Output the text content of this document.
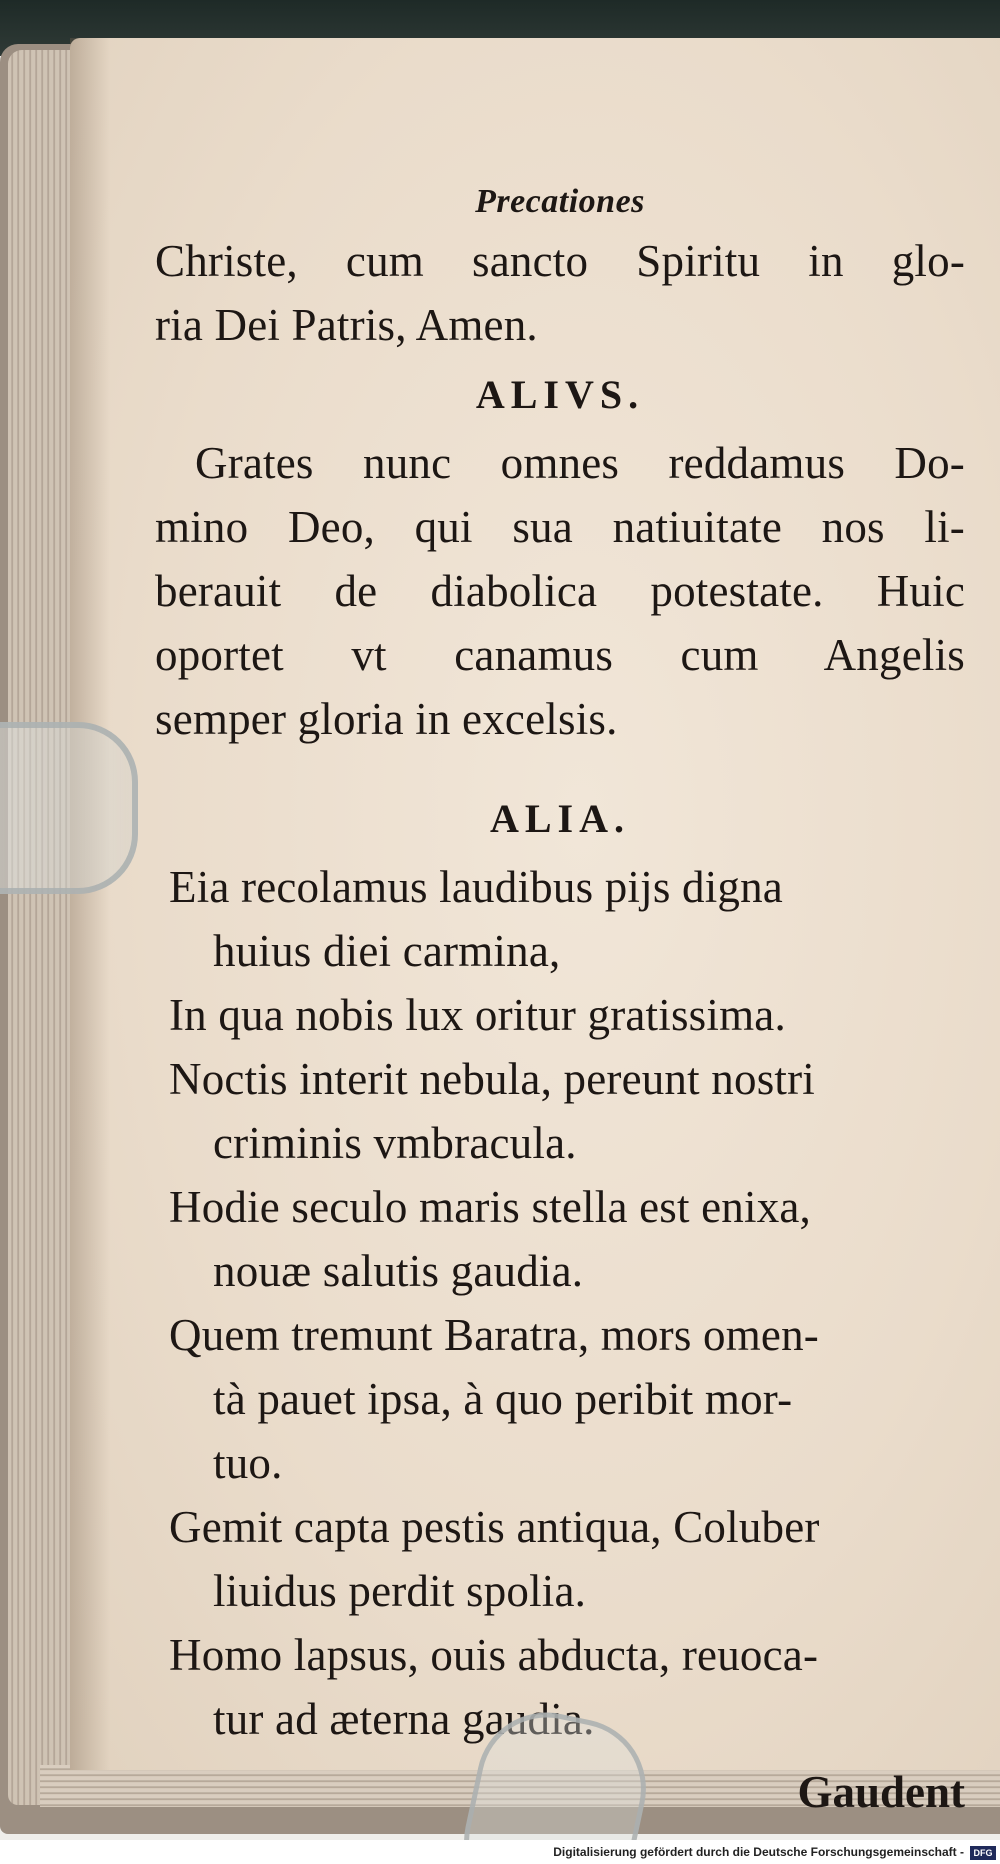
Precationes

Christe, cum sancto Spiritu in glo-

ria Dei Patris, Amen.

ALIVS.

Grates nunc omnes reddamus Do-

mino Deo, qui sua natiuitate nos li-

berauit de diabolica potestate. Huic

oportet vt canamus cum Angelis

semper gloria in excelsis.

ALIA.

Eia recolamus laudibus pijs digna

huius diei carmina,

In qua nobis lux oritur gratissima.

Noctis interit nebula, pereunt nostri

criminis vmbracula.

Hodie seculo maris stella est enixa,

nouæ salutis gaudia.

Quem tremunt Baratra, mors omen-

tà pauet ipsa, à quo peribit mor-

tuo.

Gemit capta pestis antiqua, Coluber

liuidus perdit spolia.

Homo lapsus, ouis abducta, reuoca-

tur ad æterna gaudia.

Gaudent
Digitalisierung gefördert durch die Deutsche Forschungsgemeinschaft - DFG
